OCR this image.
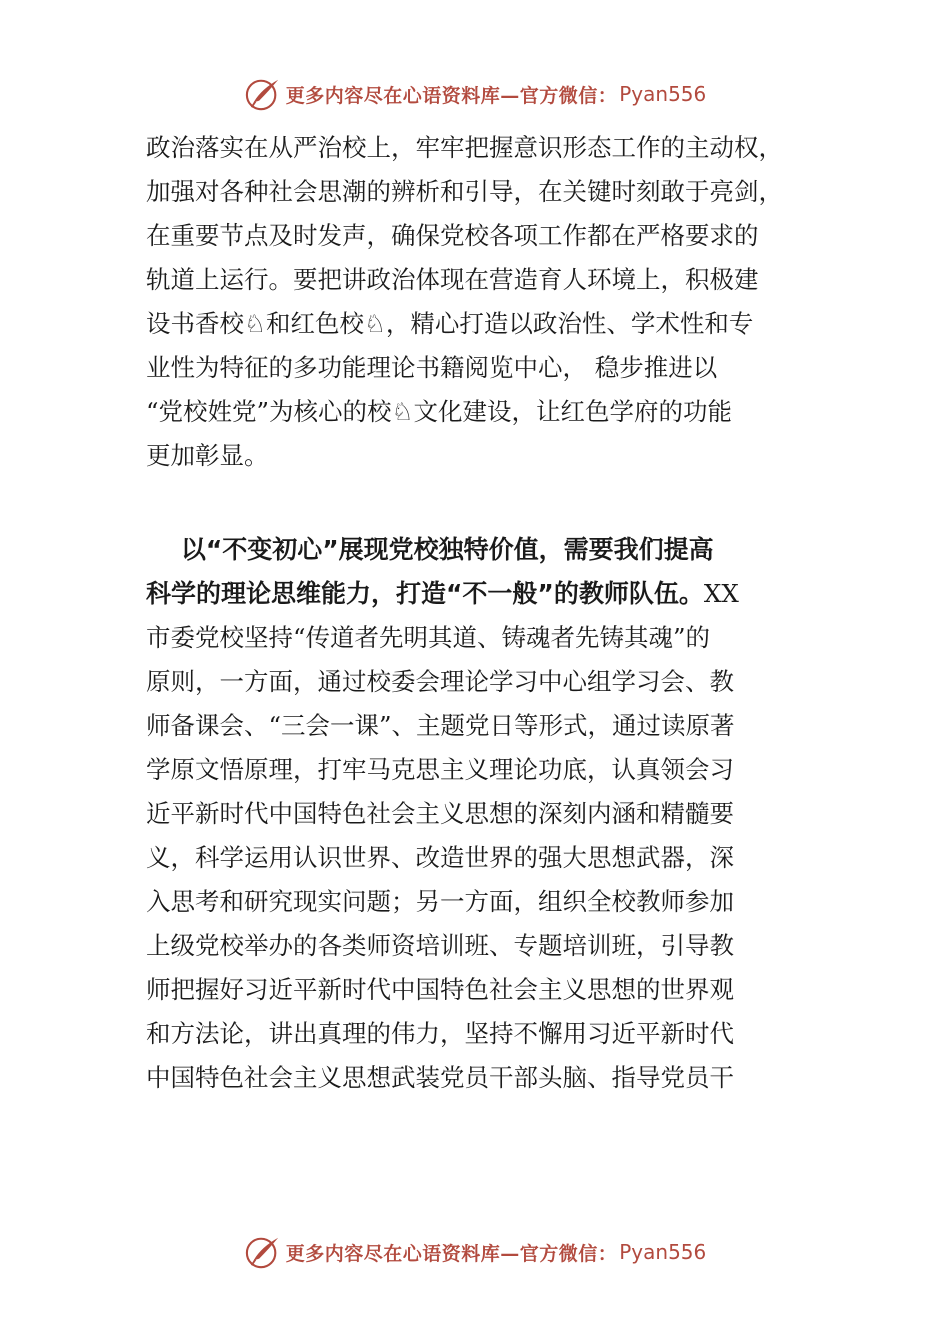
更多内容尽在心语资料库—官方微信： Pyan556
政治落实在从严治校上，牢牢把握意识形态工作的主动权，
加强对各种社会思潮的辨析和引导，在关键时刻敢于亮剑，
在重要节点及时发声，确保党校各项工作都在严格要求的
轨道上运行。要把讲政治体现在营造育人环境上，积极建
设书香校♘和红色校♘，精心打造以政治性、学术性和专
业性为特征的多功能理论书籍阅览中心， 稳步推进以
“党校姓党”为核心的校♘文化建设，让红色学府的功能
更加彰显。
以“不变初心”展现党校独特价值，需要我们提高
科学的理论思维能力，打造“不一般”的教师队伍。XX
市委党校坚持“传道者先明其道、铸魂者先铸其魂”的
原则，一方面，通过校委会理论学习中心组学习会、教
师备课会、“三会一课”、主题党日等形式，通过读原著
学原文悟原理，打牢马克思主义理论功底，认真领会习
近平新时代中国特色社会主义思想的深刻内涵和精髓要
义，科学运用认识世界、改造世界的强大思想武器，深
入思考和研究现实问题；另一方面，组织全校教师参加
上级党校举办的各类师资培训班、专题培训班，引导教
师把握好习近平新时代中国特色社会主义思想的世界观
和方法论，讲出真理的伟力，坚持不懈用习近平新时代
中国特色社会主义思想武装党员干部头脑、指导党员干
更多内容尽在心语资料库—官方微信： Pyan556
